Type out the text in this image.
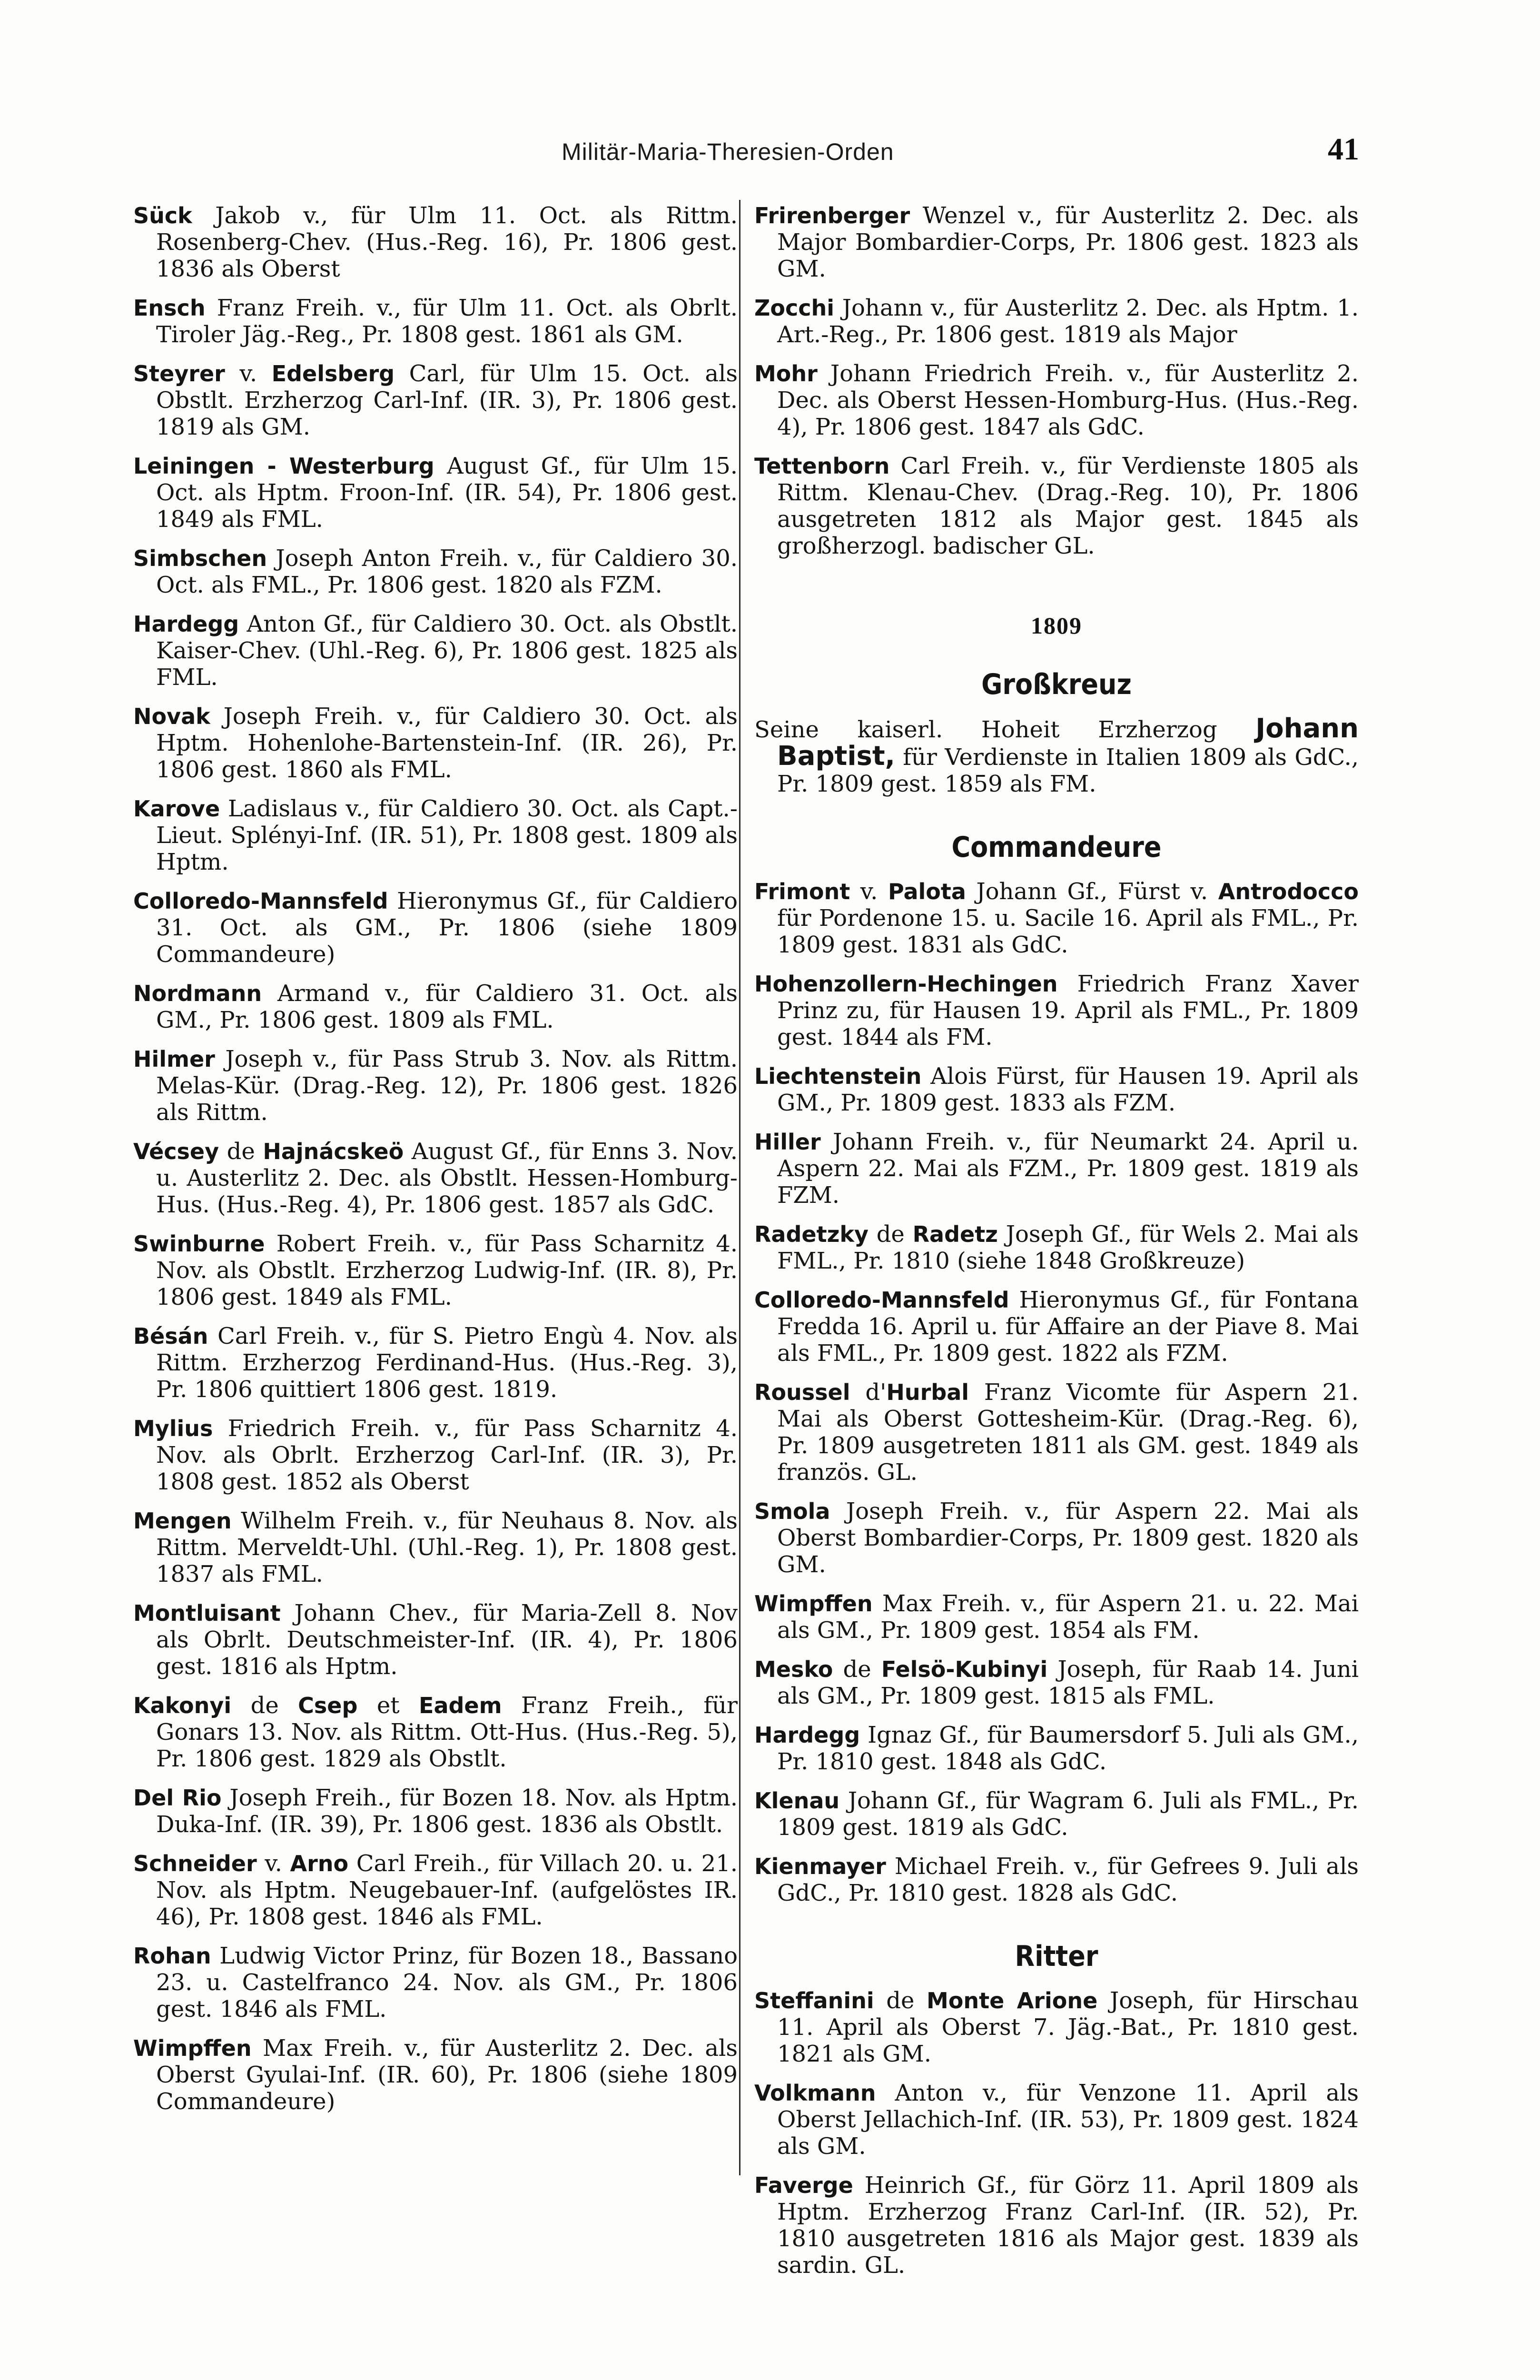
Militär-Maria-Theresien-Orden	41
Sück Jakob v., für Ulm 11. Oct. als Rittm. Rosenberg-Chev. (Hus.-Reg. 16), Pr. 1806 gest. 1836 als Oberst
Ensch Franz Freih. v., für Ulm 11. Oct. als Obrlt. Tiroler Jäg.-Reg., Pr. 1808 gest. 1861 als GM.
Steyrer v. Edelsberg Carl, für Ulm 15. Oct. als Obstlt. Erzherzog Carl-Inf. (IR. 3), Pr. 1806 gest. 1819 als GM.
Leiningen - Westerburg August Gf., für Ulm 15. Oct. als Hptm. Froon-Inf. (IR. 54), Pr. 1806 gest. 1849 als FML.
Simbschen Joseph Anton Freih. v., für Caldiero 30. Oct. als FML., Pr. 1806 gest. 1820 als FZM.
Hardegg Anton Gf., für Caldiero 30. Oct. als Obstlt. Kaiser-Chev. (Uhl.-Reg. 6), Pr. 1806 gest. 1825 als FML.
Novak Joseph Freih. v., für Caldiero 30. Oct. als Hptm. Hohenlohe-Bartenstein-Inf. (IR. 26), Pr. 1806 gest. 1860 als FML.
Karove Ladislaus v., für Caldiero 30. Oct. als Capt.-Lieut. Splényi-Inf. (IR. 51), Pr. 1808 gest. 1809 als Hptm.
Colloredo-Mannsfeld Hieronymus Gf., für Caldiero 31. Oct. als GM., Pr. 1806 (siehe 1809 Commandeure)
Nordmann Armand v., für Caldiero 31. Oct. als GM., Pr. 1806 gest. 1809 als FML.
Hilmer Joseph v., für Pass Strub 3. Nov. als Rittm. Melas-Kür. (Drag.-Reg. 12), Pr. 1806 gest. 1826 als Rittm.
Vécsey de Hajnácskeö August Gf., für Enns 3. Nov. u. Austerlitz 2. Dec. als Obstlt. Hessen-Homburg-Hus. (Hus.-Reg. 4), Pr. 1806 gest. 1857 als GdC.
Swinburne Robert Freih. v., für Pass Scharnitz 4. Nov. als Obstlt. Erzherzog Ludwig-Inf. (IR. 8), Pr. 1806 gest. 1849 als FML.
Bésán Carl Freih. v., für S. Pietro Engù 4. Nov. als Rittm. Erzherzog Ferdinand-Hus. (Hus.-Reg. 3), Pr. 1806 quittiert 1806 gest. 1819.
Mylius Friedrich Freih. v., für Pass Scharnitz 4. Nov. als Obrlt. Erzherzog Carl-Inf. (IR. 3), Pr. 1808 gest. 1852 als Oberst
Mengen Wilhelm Freih. v., für Neuhaus 8. Nov. als Rittm. Merveldt-Uhl. (Uhl.-Reg. 1), Pr. 1808 gest. 1837 als FML.
Montluisant Johann Chev., für Maria-Zell 8. Nov als Obrlt. Deutschmeister-Inf. (IR. 4), Pr. 1806 gest. 1816 als Hptm.
Kakonyi de Csep et Eadem Franz Freih., für Gonars 13. Nov. als Rittm. Ott-Hus. (Hus.-Reg. 5), Pr. 1806 gest. 1829 als Obstlt.
Del Rio Joseph Freih., für Bozen 18. Nov. als Hptm. Duka-Inf. (IR. 39), Pr. 1806 gest. 1836 als Obstlt.
Schneider v. Arno Carl Freih., für Villach 20. u. 21. Nov. als Hptm. Neugebauer-Inf. (aufgelöstes IR. 46), Pr. 1808 gest. 1846 als FML.
Rohan Ludwig Victor Prinz, für Bozen 18., Bassano 23. u. Castelfranco 24. Nov. als GM., Pr. 1806 gest. 1846 als FML.
Wimpffen Max Freih. v., für Austerlitz 2. Dec. als Oberst Gyulai-Inf. (IR. 60), Pr. 1806 (siehe 1809 Commandeure)
Frirenberger Wenzel v., für Austerlitz 2. Dec. als Major Bombardier-Corps, Pr. 1806 gest. 1823 als GM.
Zocchi Johann v., für Austerlitz 2. Dec. als Hptm. 1. Art.-Reg., Pr. 1806 gest. 1819 als Major
Mohr Johann Friedrich Freih. v., für Austerlitz 2. Dec. als Oberst Hessen-Homburg-Hus. (Hus.-Reg. 4), Pr. 1806 gest. 1847 als GdC.
Tettenborn Carl Freih. v., für Verdienste 1805 als Rittm. Klenau-Chev. (Drag.-Reg. 10), Pr. 1806 ausgetreten 1812 als Major gest. 1845 als großherzogl. badischer GL.
1809
Großkreuz
Seine kaiserl. Hoheit Erzherzog Johann Baptist, für Verdienste in Italien 1809 als GdC., Pr. 1809 gest. 1859 als FM.
Commandeure
Frimont v. Palota Johann Gf., Fürst v. Antrodocco für Pordenone 15. u. Sacile 16. April als FML., Pr. 1809 gest. 1831 als GdC.
Hohenzollern-Hechingen Friedrich Franz Xaver Prinz zu, für Hausen 19. April als FML., Pr. 1809 gest. 1844 als FM.
Liechtenstein Alois Fürst, für Hausen 19. April als GM., Pr. 1809 gest. 1833 als FZM.
Hiller Johann Freih. v., für Neumarkt 24. April u. Aspern 22. Mai als FZM., Pr. 1809 gest. 1819 als FZM.
Radetzky de Radetz Joseph Gf., für Wels 2. Mai als FML., Pr. 1810 (siehe 1848 Großkreuze)
Colloredo-Mannsfeld Hieronymus Gf., für Fontana Fredda 16. April u. für Affaire an der Piave 8. Mai als FML., Pr. 1809 gest. 1822 als FZM.
Roussel d'Hurbal Franz Vicomte für Aspern 21. Mai als Oberst Gottesheim-Kür. (Drag.-Reg. 6), Pr. 1809 ausgetreten 1811 als GM. gest. 1849 als französ. GL.
Smola Joseph Freih. v., für Aspern 22. Mai als Oberst Bombardier-Corps, Pr. 1809 gest. 1820 als GM.
Wimpffen Max Freih. v., für Aspern 21. u. 22. Mai als GM., Pr. 1809 gest. 1854 als FM.
Mesko de Felsö-Kubinyi Joseph, für Raab 14. Juni als GM., Pr. 1809 gest. 1815 als FML.
Hardegg Ignaz Gf., für Baumersdorf 5. Juli als GM., Pr. 1810 gest. 1848 als GdC.
Klenau Johann Gf., für Wagram 6. Juli als FML., Pr. 1809 gest. 1819 als GdC.
Kienmayer Michael Freih. v., für Gefrees 9. Juli als GdC., Pr. 1810 gest. 1828 als GdC.
Ritter
Steffanini de Monte Arione Joseph, für Hirschau 11. April als Oberst 7. Jäg.-Bat., Pr. 1810 gest. 1821 als GM.
Volkmann Anton v., für Venzone 11. April als Oberst Jellachich-Inf. (IR. 53), Pr. 1809 gest. 1824 als GM.
Faverge Heinrich Gf., für Görz 11. April 1809 als Hptm. Erzherzog Franz Carl-Inf. (IR. 52), Pr. 1810 ausgetreten 1816 als Major gest. 1839 als sardin. GL.
